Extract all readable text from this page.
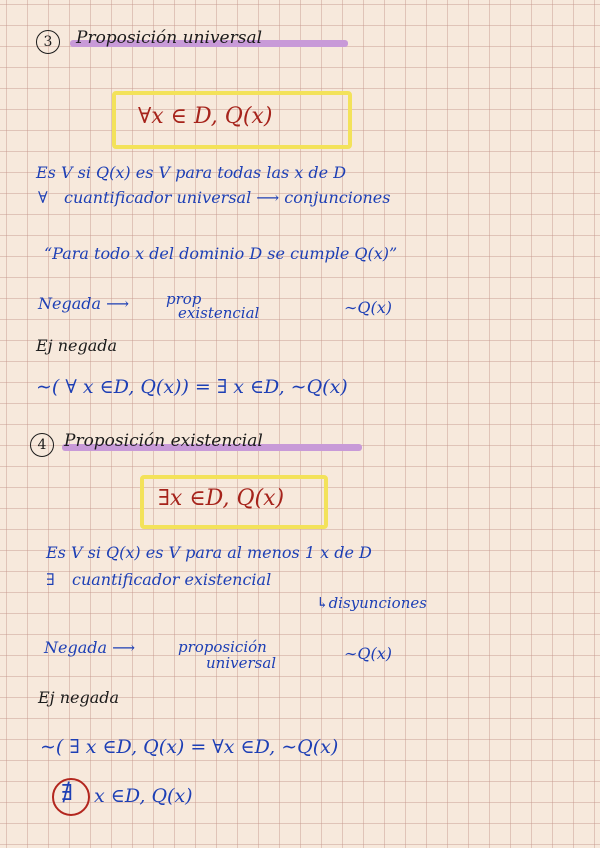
3	Proposición universal
∀x ∈ D, Q(x)
Es V si Q(x) es V para todas las x de D
∀ cuantificador universal ⟶ conjunciones
“Para todo x del dominio D se cumple Q(x)”
Negada ⟶ prop
existencial	∼Q(x)
Ej negada
∼( ∀ x ∈D, Q(x)) = ∃ x ∈D, ∼Q(x)
4	Proposición existencial
∃x ∈D, Q(x)
Es V si Q(x) es V para al menos 1 x de D
∃ cuantificador existencial
↳disyunciones
Negada ⟶	proposición
universal	∼Q(x)
Ej negada
∼( ∃ x ∈D, Q(x) = ∀x ∈D, ∼Q(x)
∄ x ∈D, Q(x)
